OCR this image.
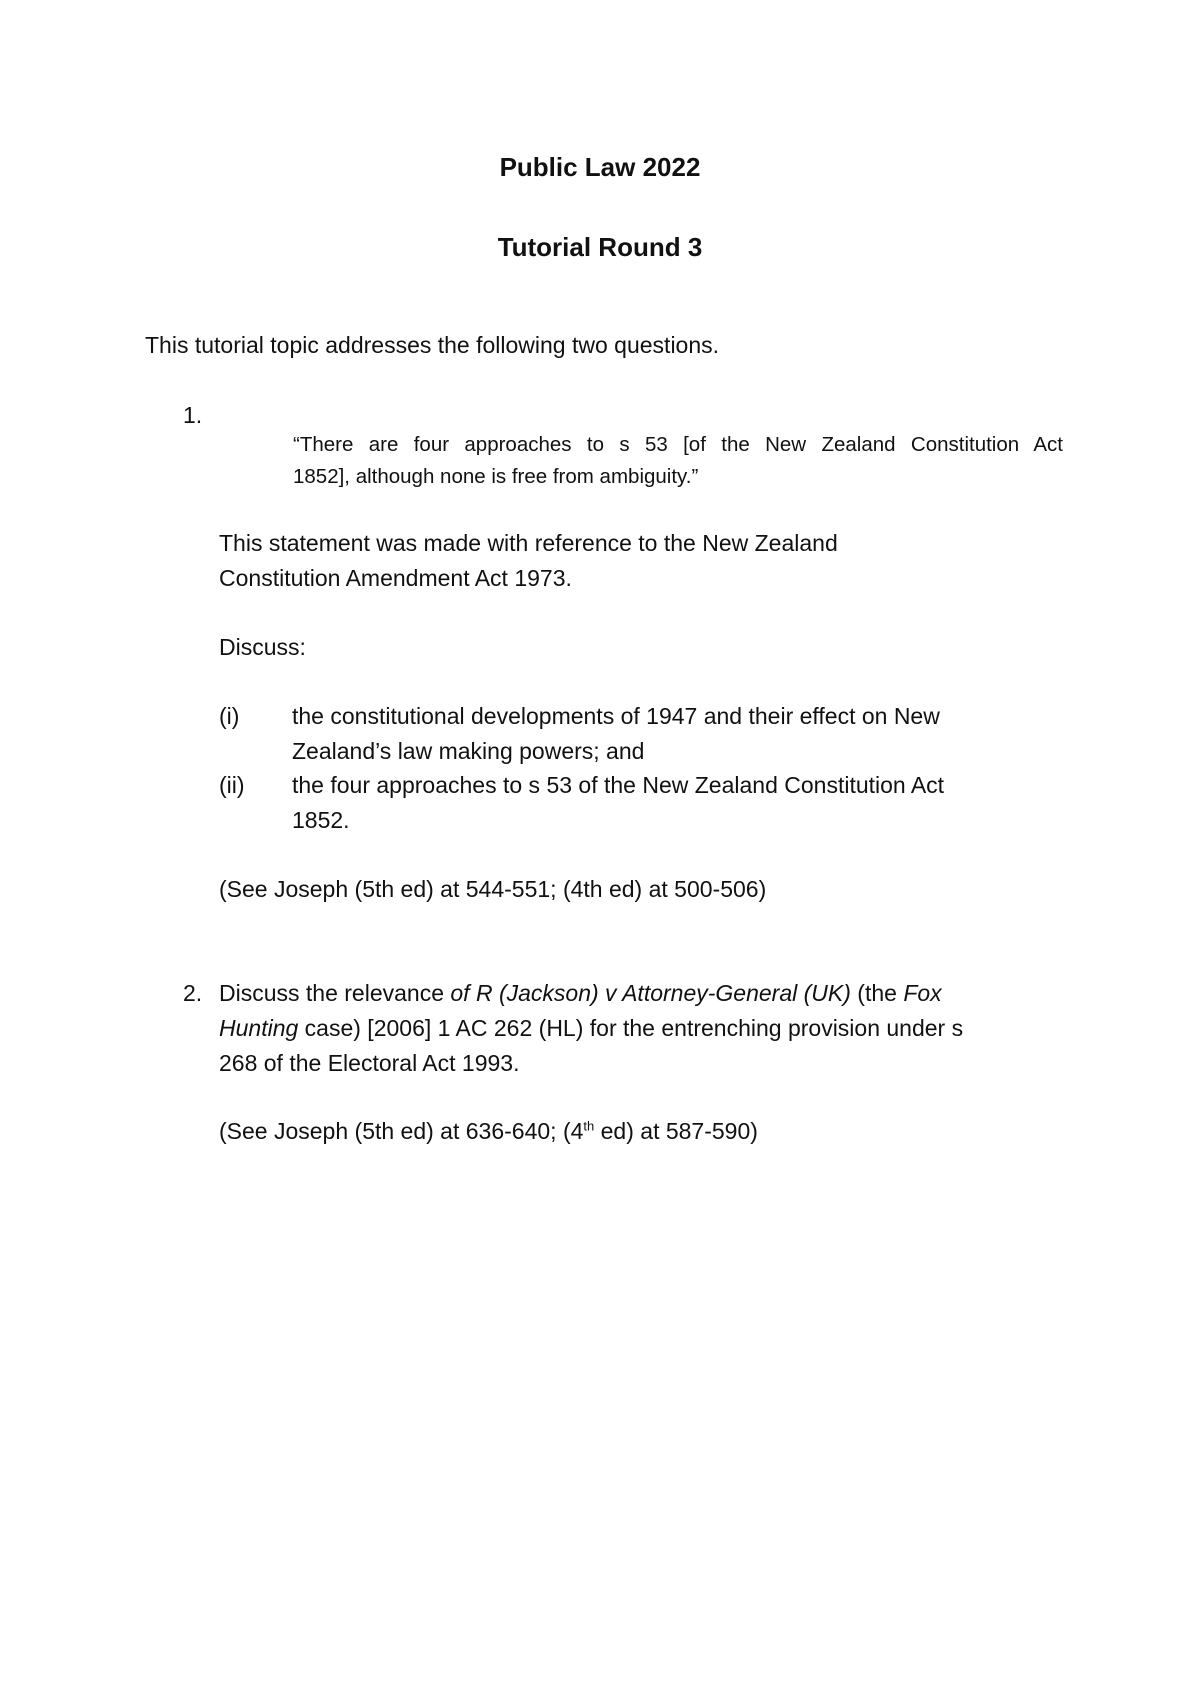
Public Law 2022
Tutorial Round 3
This tutorial topic addresses the following two questions.
1.
“There are four approaches to s 53 [of the New Zealand Constitution Act
1852], although none is free from ambiguity.”
This statement was made with reference to the New Zealand
Constitution Amendment Act 1973.
Discuss:
(i) the constitutional developments of 1947 and their effect on New
Zealand’s law making powers; and
(ii) the four approaches to s 53 of the New Zealand Constitution Act
1852.
(See Joseph (5th ed) at 544-551; (4th ed) at 500-506)
2. Discuss the relevance of R (Jackson) v Attorney-General (UK) (the Fox
Hunting case) [2006] 1 AC 262 (HL) for the entrenching provision under s
268 of the Electoral Act 1993.
(See Joseph (5th ed) at 636-640; (4th ed) at 587-590)
